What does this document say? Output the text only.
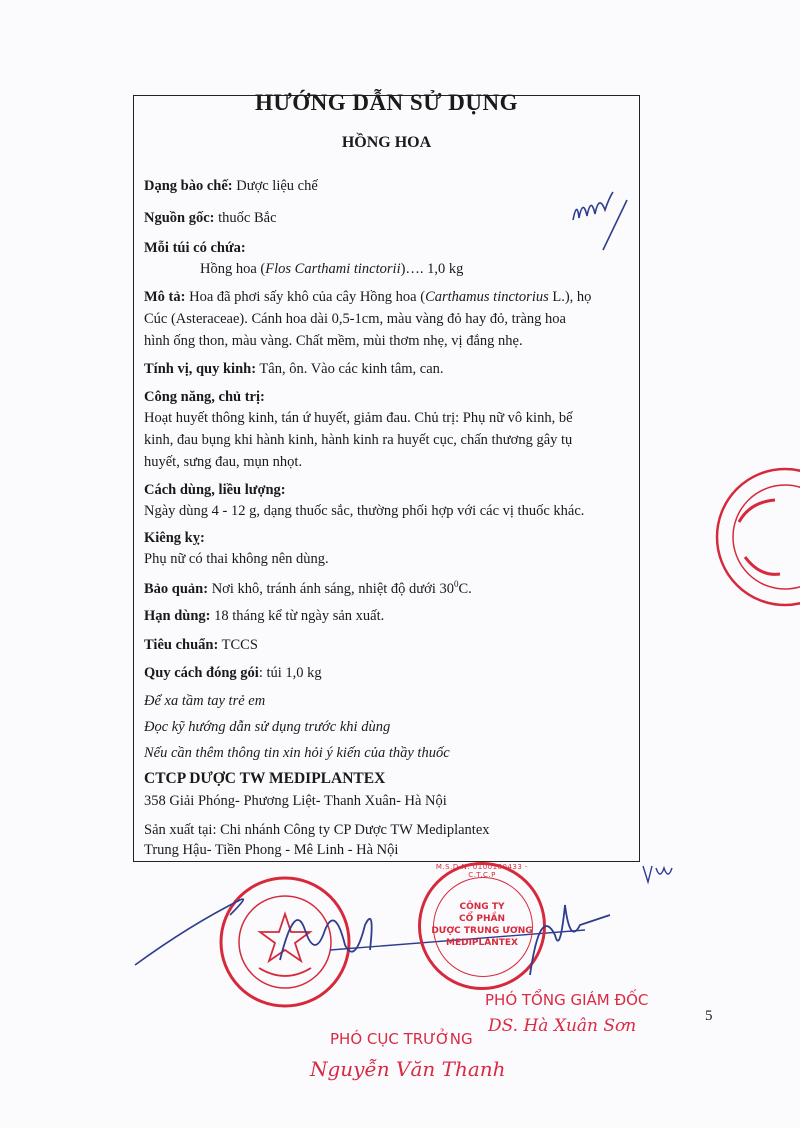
HƯỚNG DẪN SỬ DỤNG
HỒNG HOA
Dạng bào chế: Dược liệu chế
Nguồn gốc: thuốc Bắc
Mỗi túi có chứa:
Hồng hoa (Flos Carthami tinctorii)…. 1,0 kg
Mô tả: Hoa đã phơi sấy khô của cây Hồng hoa (Carthamus tinctorius L.), họ
Cúc (Asteraceae). Cánh hoa dài 0,5-1cm, màu vàng đỏ hay đỏ, tràng hoa
hình ống thon, màu vàng. Chất mềm, mùi thơm nhẹ, vị đắng nhẹ.
Tính vị, quy kinh: Tân, ôn. Vào các kinh tâm, can.
Công năng, chủ trị:
Hoạt huyết thông kinh, tán ứ huyết, giảm đau. Chủ trị: Phụ nữ vô kinh, bế
kinh, đau bụng khi hành kinh, hành kinh ra huyết cục, chấn thương gây tụ
huyết, sưng đau, mụn nhọt.
Cách dùng, liều lượng:
Ngày dùng 4 - 12 g, dạng thuốc sắc, thường phối hợp với các vị thuốc khác.
Kiêng kỵ:
Phụ nữ có thai không nên dùng.
Bảo quản: Nơi khô, tránh ánh sáng, nhiệt độ dưới $30^0C$.
Hạn dùng: 18 tháng kể từ ngày sản xuất.
Tiêu chuẩn: TCCS
Quy cách đóng gói: túi 1,0 kg
Để xa tầm tay trẻ em
Đọc kỹ hướng dẫn sử dụng trước khi dùng
Nếu cần thêm thông tin xin hỏi ý kiến của thầy thuốc
CTCP DƯỢC TW MEDIPLANTEX
358 Giải Phóng- Phương Liệt- Thanh Xuân- Hà Nội
Sản xuất tại: Chi nhánh Công ty CP Dược TW Mediplantex
Trung Hậu- Tiền Phong - Mê Linh - Hà Nội
M.S.D.N: 0100100433 - C.T.C.P
CÔNG TY
CỔ PHẦN
DƯỢC TRUNG ƯƠNG
MEDIPLANTEX
PHÓ TỔNG GIÁM ĐỐC
DS. Hà Xuân Sơn
PHÓ CỤC TRƯỞNG
Nguyễn Văn Thanh
5
